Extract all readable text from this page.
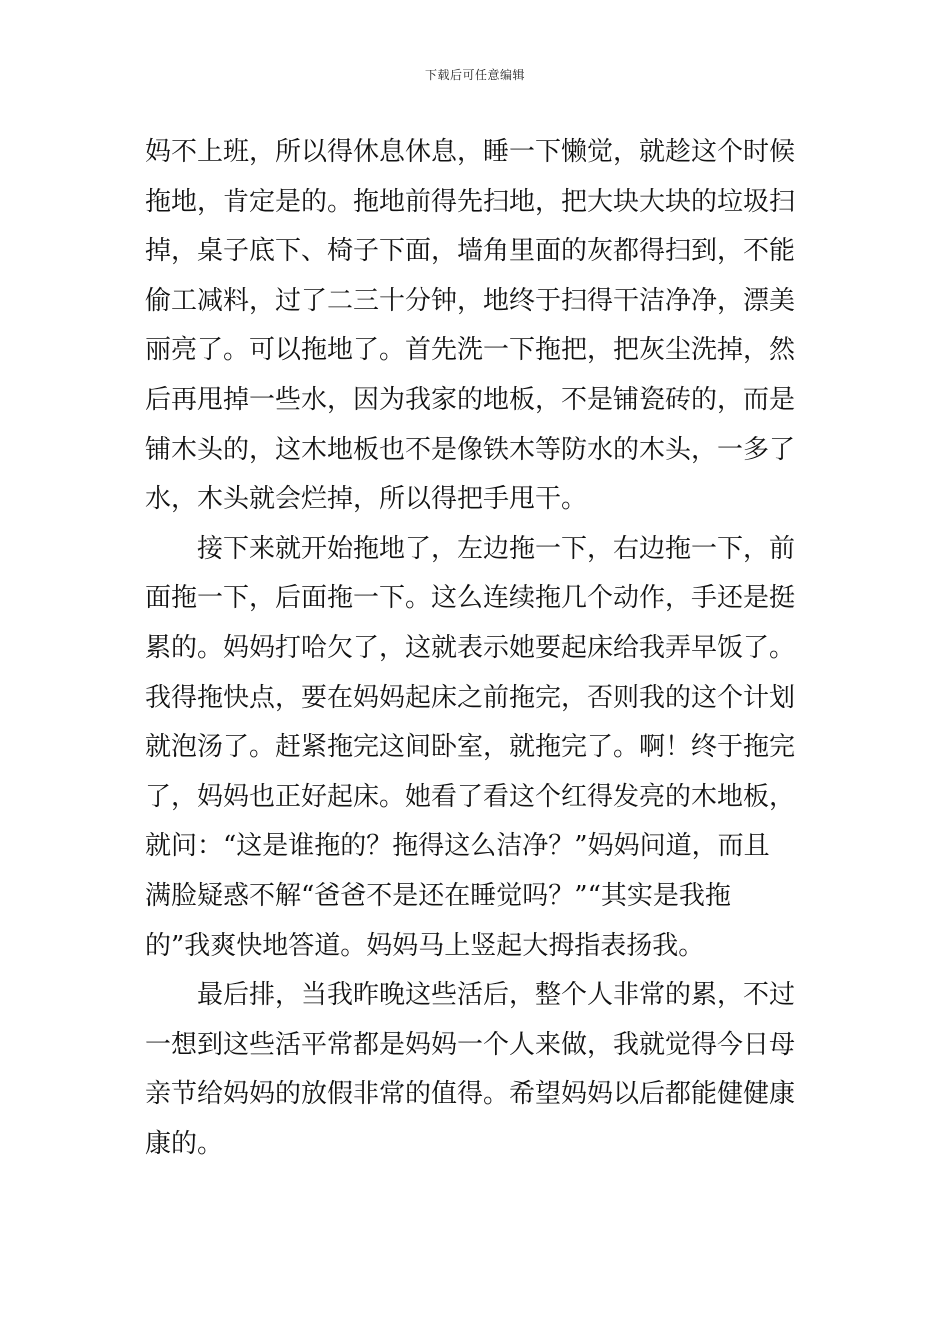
下载后可任意编辑
妈不上班，所以得休息休息，睡一下懒觉，就趁这个时候
拖地，肯定是的。拖地前得先扫地，把大块大块的垃圾扫
掉，桌子底下、椅子下面，墙角里面的灰都得扫到，不能
偷工减料，过了二三十分钟，地终于扫得干洁净净，漂美
丽亮了。可以拖地了。首先洗一下拖把，把灰尘洗掉，然
后再甩掉一些水，因为我家的地板，不是铺瓷砖的，而是
铺木头的，这木地板也不是像铁木等防水的木头，一多了
水，木头就会烂掉，所以得把手甩干。
接下来就开始拖地了，左边拖一下，右边拖一下，前
面拖一下，后面拖一下。这么连续拖几个动作，手还是挺
累的。妈妈打哈欠了，这就表示她要起床给我弄早饭了。
我得拖快点，要在妈妈起床之前拖完，否则我的这个计划
就泡汤了。赶紧拖完这间卧室，就拖完了。啊！终于拖完
了，妈妈也正好起床。她看了看这个红得发亮的木地板，
就问：“这是谁拖的？拖得这么洁净？”妈妈问道，而且
满脸疑惑不解“爸爸不是还在睡觉吗？”“其实是我拖
的”我爽快地答道。妈妈马上竖起大拇指表扬我。
最后排，当我昨晚这些活后，整个人非常的累，不过
一想到这些活平常都是妈妈一个人来做，我就觉得今日母
亲节给妈妈的放假非常的值得。希望妈妈以后都能健健康
康的。
